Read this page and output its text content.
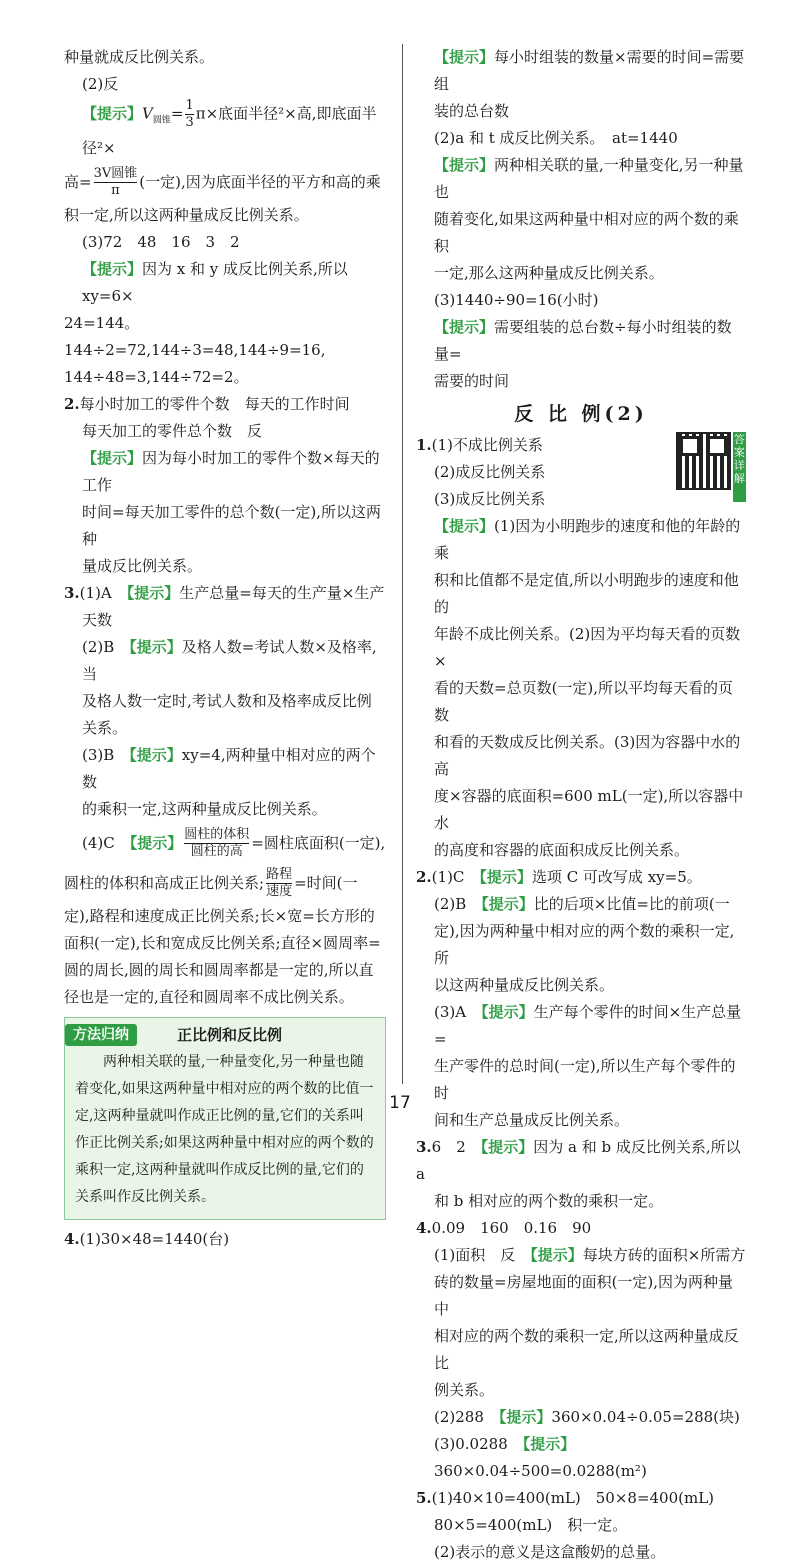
种量就成反比例关系。

(2)反

【提示】$V_{圆锥}= \frac{1}{3} \pi\times$底面半径²×高,即底面半径²×

高= $\frac{\text{3V圆锥}}{\pi}$ (一定),因为底面半径的平方和高的乘

积一定,所以这两种量成反比例关系。

(3)72　48　16　3　2

【提示】因为 x 和 y 成反比例关系,所以 xy=6×

24=144。144÷2=72,144÷3=48,144÷9=16,

144÷48=3,144÷72=2。

2.每小时加工的零件个数　每天的工作时间

每天加工的零件总个数　反

【提示】因为每小时加工的零件个数×每天的工作

时间=每天加工零件的总个数(一定),所以这两种

量成反比例关系。

3.(1)A　【提示】生产总量=每天的生产量×生产

天数

(2)B　【提示】及格人数=考试人数×及格率,当

及格人数一定时,考试人数和及格率成反比例

关系。

(3)B　【提示】xy=4,两种量中相对应的两个数

的乘积一定,这两种量成反比例关系。

(4)C　【提示】 $\frac{\text{圆柱的体积}}{\text{圆柱的高}}$ =圆柱底面积(一定),

圆柱的体积和高成正比例关系; $\frac{\text{路程}}{\text{速度}}$ =时间(一

定),路程和速度成正比例关系;长×宽=长方形的

面积(一定),长和宽成反比例关系;直径×圆周率=

圆的周长,圆的周长和圆周率都是一定的,所以直

径也是一定的,直径和圆周率不成比例关系。

方法归纳	正比例和反比例

两种相关联的量,一种量变化,另一种量也随着变化,如果这两种量中相对应的两个数的比值一定,这两种量就叫作成正比例的量,它们的关系叫作正比例关系;如果这两种量中相对应的两个数的乘积一定,这两种量就叫作成反比例的量,它们的关系叫作反比例关系。

4.(1)30×48=1440(台)

【提示】每小时组装的数量×需要的时间=需要组

装的总台数

(2)a 和 t 成反比例关系。　at=1440

【提示】两种相关联的量,一种量变化,另一种量也

随着变化,如果这两种量中相对应的两个数的乘积

一定,那么这两种量成反比例关系。

(3)1440÷90=16(小时)

【提示】需要组装的总台数÷每小时组装的数量=

需要的时间

反 比 例(2)
答案详解

1.(1)不成比例关系

(2)成反比例关系

(3)成反比例关系

【提示】(1)因为小明跑步的速度和他的年龄的乘

积和比值都不是定值,所以小明跑步的速度和他的

年龄不成比例关系。(2)因为平均每天看的页数×

看的天数=总页数(一定),所以平均每天看的页数

和看的天数成反比例关系。(3)因为容器中水的高

度×容器的底面积=600 mL(一定),所以容器中水

的高度和容器的底面积成反比例关系。

2.(1)C　【提示】选项 C 可改写成 xy=5。

(2)B　【提示】比的后项×比值=比的前项(一

定),因为两种量中相对应的两个数的乘积一定,所

以这两种量成反比例关系。

(3)A　【提示】生产每个零件的时间×生产总量=

生产零件的总时间(一定),所以生产每个零件的时

间和生产总量成反比例关系。

3.6　2　【提示】因为 a 和 b 成反比例关系,所以 a

和 b 相对应的两个数的乘积一定。

4.0.09　160　0.16　90

(1)面积　反　【提示】每块方砖的面积×所需方

砖的数量=房屋地面的面积(一定),因为两种量中

相对应的两个数的乘积一定,所以这两种量成反比

例关系。

(2)288　【提示】360×0.04÷0.05=288(块)

(3)0.0288　【提示】360×0.04÷500=0.0288(m²)

5.(1)40×10=400(mL)　50×8=400(mL)

80×5=400(mL)　积一定。

(2)表示的意义是这盒酸奶的总量。

17
